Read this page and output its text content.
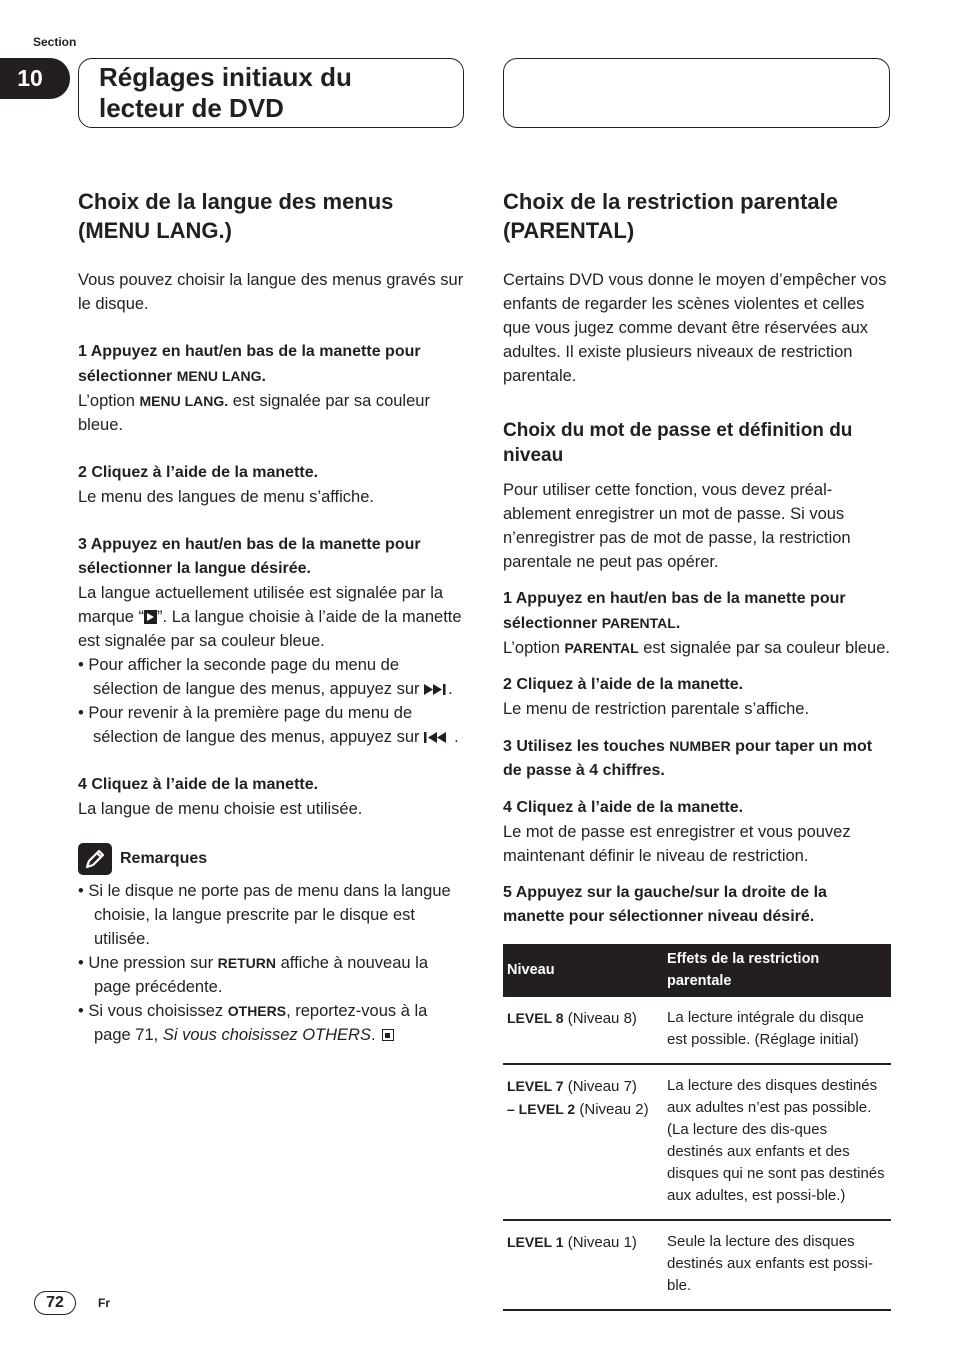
Section
10	Réglages initiaux du
lecteur de DVD
Choix de la langue des menus
(MENU LANG.)

Vous pouvez choisir la langue des menus gravés sur le disque.

1 Appuyez en haut/en bas de la manette pour sélectionner MENU LANG.

L’option MENU LANG. est signalée par sa couleur bleue.

2 Cliquez à l’aide de la manette.

Le menu des langues de menu s’affiche.

3 Appuyez en haut/en bas de la manette pour sélectionner la langue désirée.

La langue actuellement utilisée est signalée par la marque “ ”. La langue choisie à l’aide de la manette est signalée par sa couleur bleue.

• Pour afficher la seconde page du menu de sélection de langue des menus, appuyez sur .

• Pour revenir à la première page du menu de sélection de langue des menus, appuyez sur .

4 Cliquez à l’aide de la manette.

La langue de menu choisie est utilisée.

Remarques
• Si le disque ne porte pas de menu dans la langue choisie, la langue prescrite par le disque est utilisée.
• Une pression sur RETURN affiche à nouveau la page précédente.
• Si vous choisissez OTHERS, reportez-vous à la page 71, Si vous choisissez OTHERS.
Choix de la restriction parentale
(PARENTAL)

Certains DVD vous donne le moyen d’empêcher vos enfants de regarder les scènes violentes et celles que vous jugez comme devant être réservées aux adultes. Il existe plusieurs niveaux de restriction parentale.

Choix du mot de passe et définition du niveau

Pour utiliser cette fonction, vous devez préal-ablement enregistrer un mot de passe. Si vous n’enregistrer pas de mot de passe, la restriction parentale ne peut pas opérer.

1 Appuyez en haut/en bas de la manette pour sélectionner PARENTAL.

L’option PARENTAL est signalée par sa couleur bleue.

2 Cliquez à l’aide de la manette.

Le menu de restriction parentale s’affiche.

3 Utilisez les touches NUMBER pour taper un mot de passe à 4 chiffres.

4 Cliquez à l’aide de la manette.

Le mot de passe est enregistrer et vous pouvez maintenant définir le niveau de restriction.

5 Appuyez sur la gauche/sur la droite de la manette pour sélectionner niveau désiré.

Niveau	Effets de la restriction parentale
LEVEL 8 (Niveau 8)	La lecture intégrale du disque est possible. (Réglage initial)
LEVEL 7 (Niveau 7)
– LEVEL 2 (Niveau 2)	La lecture des disques destinés aux adultes n’est pas possible. (La lecture des dis-ques destinés aux enfants et des disques qui ne sont pas destinés aux adultes, est possi-ble.)
LEVEL 1 (Niveau 1)	Seule la lecture des disques destinés aux enfants est possi-ble.
72	Fr
